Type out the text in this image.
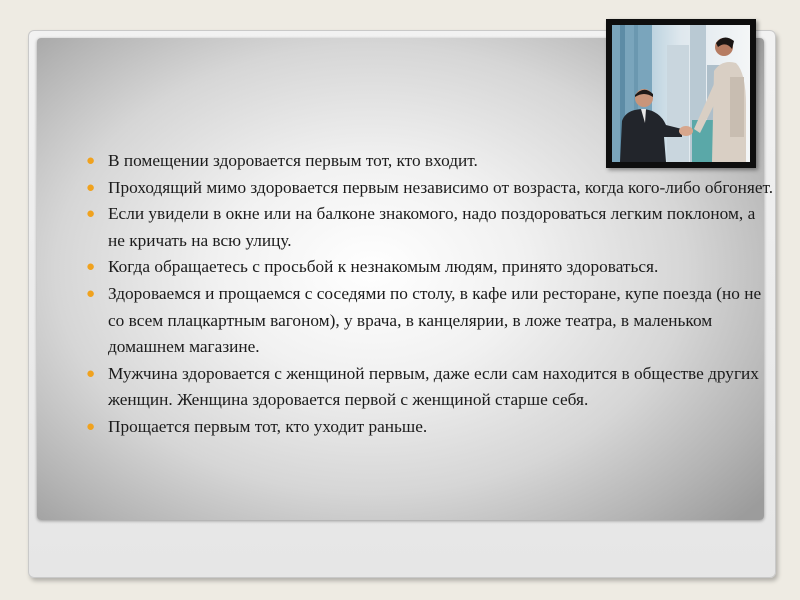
● В помещении здоровается первым тот, кто входит.
● Проходящий мимо здоровается первым независимо от возраста, когда кого-либо обгоняет.
● Если увидели в окне или на балконе знакомого, надо поздороваться легким поклоном, а не кричать на всю улицу.
● Когда обращаетесь с просьбой к незнакомым людям, принято здороваться.
● Здороваемся и прощаемся с соседями по столу, в кафе или ресторане, купе поезда (но не со всем плацкартным вагоном), у врача, в канцелярии, в ложе театра, в маленьком домашнем магазине.
● Мужчина здоровается с женщиной первым, даже если сам находится в обществе других женщин. Женщина здоровается первой с женщиной старше себя.
● Прощается первым тот, кто уходит раньше.
